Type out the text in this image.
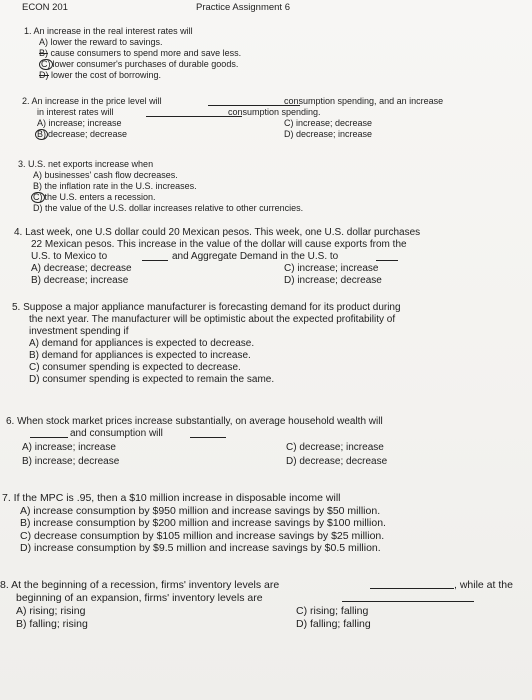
ECON 201	Practice Assignment 6
1. An increase in the real interest rates will
A) lower the reward to savings.
B) cause consumers to spend more and save less.
C) lower consumer's purchases of durable goods.
D) lower the cost of borrowing.
2. An increase in the price level will	consumption spending, and an increase
in interest rates will	consumption spending.
A) increase; increase	C) increase; decrease
B) decrease; decrease	D) decrease; increase
3. U.S. net exports increase when
A) businesses' cash flow decreases.
B) the inflation rate in the U.S. increases.
C) the U.S. enters a recession.
D) the value of the U.S. dollar increases relative to other currencies.
4. Last week, one U.S dollar could 20 Mexican pesos. This week, one U.S. dollar purchases
22 Mexican pesos. This increase in the value of the dollar will cause exports from the
U.S. to Mexico to	and Aggregate Demand in the U.S. to
A) decrease; decrease	C) increase; increase
B) decrease; increase	D) increase; decrease
5. Suppose a major appliance manufacturer is forecasting demand for its product during
the next year. The manufacturer will be optimistic about the expected profitability of
investment spending if
A) demand for appliances is expected to decrease.
B) demand for appliances is expected to increase.
C) consumer spending is expected to decrease.
D) consumer spending is expected to remain the same.
6. When stock market prices increase substantially, on average household wealth will
and consumption will
A) increase; increase	C) decrease; increase
B) increase; decrease	D) decrease; decrease
7. If the MPC is .95, then a $10 million increase in disposable income will
A) increase consumption by $950 million and increase savings by $50 million.
B) increase consumption by $200 million and increase savings by $100 million.
C) decrease consumption by $105 million and increase savings by $25 million.
D) increase consumption by $9.5 million and increase savings by $0.5 million.
8. At the beginning of a recession, firms' inventory levels are	, while at the
beginning of an expansion, firms' inventory levels are
A) rising; rising	C) rising; falling
B) falling; rising	D) falling; falling
